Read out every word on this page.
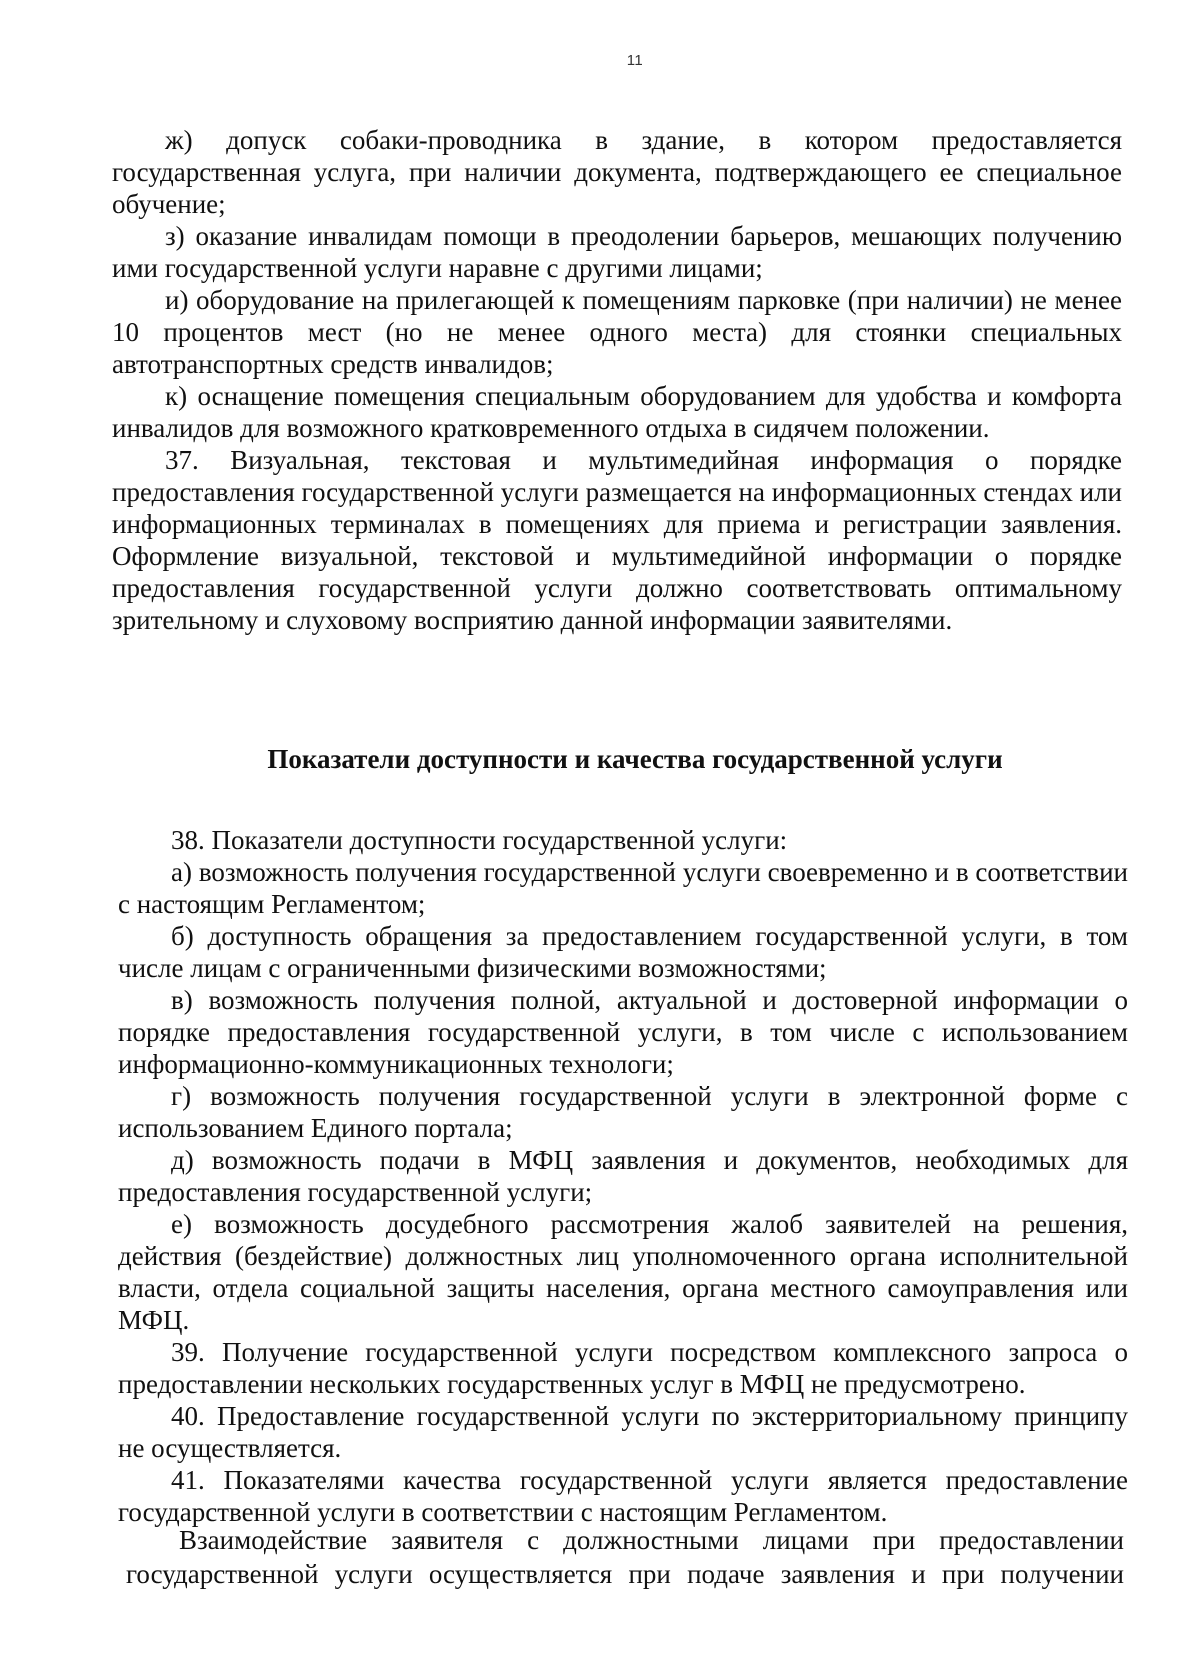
11

ж) допуск собаки-проводника в здание, в котором предоставляется государственная услуга, при наличии документа, подтверждающего ее специальное обучение;

з) оказание инвалидам помощи в преодолении барьеров, мешающих получению ими государственной услуги наравне с другими лицами;

и) оборудование на прилегающей к помещениям парковке (при наличии) не менее 10 процентов мест (но не менее одного места) для стоянки специальных автотранспортных средств инвалидов;

к) оснащение помещения специальным оборудованием для удобства и комфорта инвалидов для возможного кратковременного отдыха в сидячем положении.

37. Визуальная, текстовая и мультимедийная информация о порядке предоставления государственной услуги размещается на информационных стендах или информационных терминалах в помещениях для приема и регистрации заявления. Оформление визуальной, текстовой и мультимедийной информации о порядке предоставления государственной услуги должно соответствовать оптимальному зрительному и слуховому восприятию данной информации заявителями.

Показатели доступности и качества государственной услуги

38. Показатели доступности государственной услуги:

а) возможность получения государственной услуги своевременно и в соответствии с настоящим Регламентом;

б) доступность обращения за предоставлением государственной услуги, в том числе лицам с ограниченными физическими возможностями;

в) возможность получения полной, актуальной и достоверной информации о порядке предоставления государственной услуги, в том числе с использованием информационно-коммуникационных технологи;

г) возможность получения государственной услуги в электронной форме с использованием Единого портала;

д) возможность подачи в МФЦ заявления и документов, необходимых для предоставления государственной услуги;

е) возможность досудебного рассмотрения жалоб заявителей на решения, действия (бездействие) должностных лиц уполномоченного органа исполнительной власти, отдела социальной защиты населения, органа местного самоуправления или МФЦ.

39. Получение государственной услуги посредством комплексного запроса о предоставлении нескольких государственных услуг в МФЦ не предусмотрено.

40. Предоставление государственной услуги по экстерриториальному принципу не осуществляется.

41. Показателями качества государственной услуги является предоставление государственной услуги в соответствии с настоящим Регламентом.

Взаимодействие заявителя с должностными лицами при предоставлении государственной услуги осуществляется при подаче заявления и при получении
